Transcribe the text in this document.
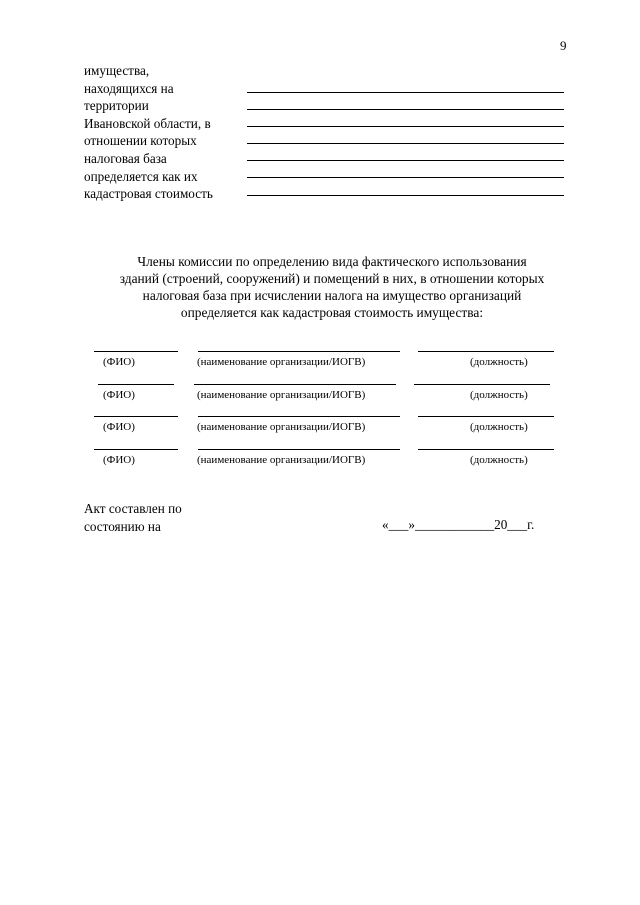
9
имущества,
находящихся на
территории
Ивановской области, в
отношении которых
налоговая база
определяется как их
кадастровая стоимость
Члены комиссии по определению вида фактического использования
зданий (строений, сооружений) и помещений в них, в отношении которых
налоговая база при исчислении налога на имущество организаций
определяется как кадастровая стоимость имущества:
(ФИО)	(наименование организации/ИОГВ)	(должность)
(ФИО)	(наименование организации/ИОГВ)	(должность)
(ФИО)	(наименование организации/ИОГВ)	(должность)
(ФИО)	(наименование организации/ИОГВ)	(должность)
Акт составлен по
состоянию на	«___»____________20___г.
